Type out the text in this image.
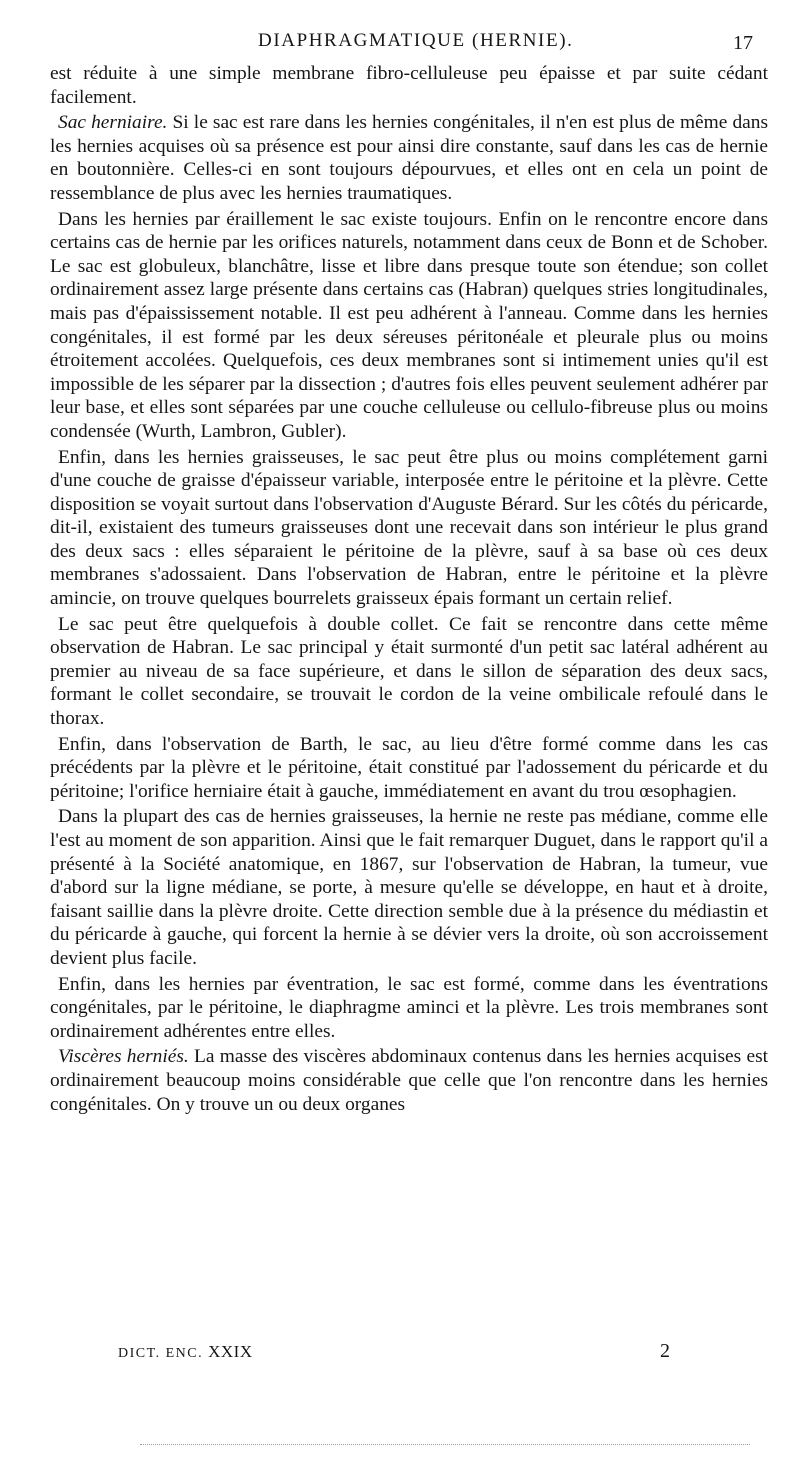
DIAPHRAGMATIQUE (HERNIE).	17

est réduite à une simple membrane fibro-celluleuse peu épaisse et par suite cédant facilement.

Sac herniaire. Si le sac est rare dans les hernies congénitales, il n'en est plus de même dans les hernies acquises où sa présence est pour ainsi dire constante, sauf dans les cas de hernie en boutonnière. Celles-ci en sont toujours dépourvues, et elles ont en cela un point de ressemblance de plus avec les hernies traumatiques.

Dans les hernies par éraillement le sac existe toujours. Enfin on le rencontre encore dans certains cas de hernie par les orifices naturels, notamment dans ceux de Bonn et de Schober. Le sac est globuleux, blanchâtre, lisse et libre dans presque toute son étendue; son collet ordinairement assez large présente dans certains cas (Habran) quelques stries longitudinales, mais pas d'épaississement notable. Il est peu adhérent à l'anneau. Comme dans les hernies congénitales, il est formé par les deux séreuses péritonéale et pleurale plus ou moins étroitement accolées. Quelquefois, ces deux membranes sont si intimement unies qu'il est impossible de les séparer par la dissection ; d'autres fois elles peuvent seulement adhérer par leur base, et elles sont séparées par une couche celluleuse ou cellulo-fibreuse plus ou moins condensée (Wurth, Lambron, Gubler).

Enfin, dans les hernies graisseuses, le sac peut être plus ou moins complétement garni d'une couche de graisse d'épaisseur variable, interposée entre le péritoine et la plèvre. Cette disposition se voyait surtout dans l'observation d'Auguste Bérard. Sur les côtés du péricarde, dit-il, existaient des tumeurs graisseuses dont une recevait dans son intérieur le plus grand des deux sacs : elles séparaient le péritoine de la plèvre, sauf à sa base où ces deux membranes s'adossaient. Dans l'observation de Habran, entre le péritoine et la plèvre amincie, on trouve quelques bourrelets graisseux épais formant un certain relief.

Le sac peut être quelquefois à double collet. Ce fait se rencontre dans cette même observation de Habran. Le sac principal y était surmonté d'un petit sac latéral adhérent au premier au niveau de sa face supérieure, et dans le sillon de séparation des deux sacs, formant le collet secondaire, se trouvait le cordon de la veine ombilicale refoulé dans le thorax.

Enfin, dans l'observation de Barth, le sac, au lieu d'être formé comme dans les cas précédents par la plèvre et le péritoine, était constitué par l'adossement du péricarde et du péritoine; l'orifice herniaire était à gauche, immédiatement en avant du trou œsophagien.

Dans la plupart des cas de hernies graisseuses, la hernie ne reste pas médiane, comme elle l'est au moment de son apparition. Ainsi que le fait remarquer Duguet, dans le rapport qu'il a présenté à la Société anatomique, en 1867, sur l'observation de Habran, la tumeur, vue d'abord sur la ligne médiane, se porte, à mesure qu'elle se développe, en haut et à droite, faisant saillie dans la plèvre droite. Cette direction semble due à la présence du médiastin et du péricarde à gauche, qui forcent la hernie à se dévier vers la droite, où son accroissement devient plus facile.

Enfin, dans les hernies par éventration, le sac est formé, comme dans les éventrations congénitales, par le péritoine, le diaphragme aminci et la plèvre. Les trois membranes sont ordinairement adhérentes entre elles.

Viscères herniés. La masse des viscères abdominaux contenus dans les hernies acquises est ordinairement beaucoup moins considérable que celle que l'on rencontre dans les hernies congénitales. On y trouve un ou deux organes

DICT. ENC. XXIX	2
